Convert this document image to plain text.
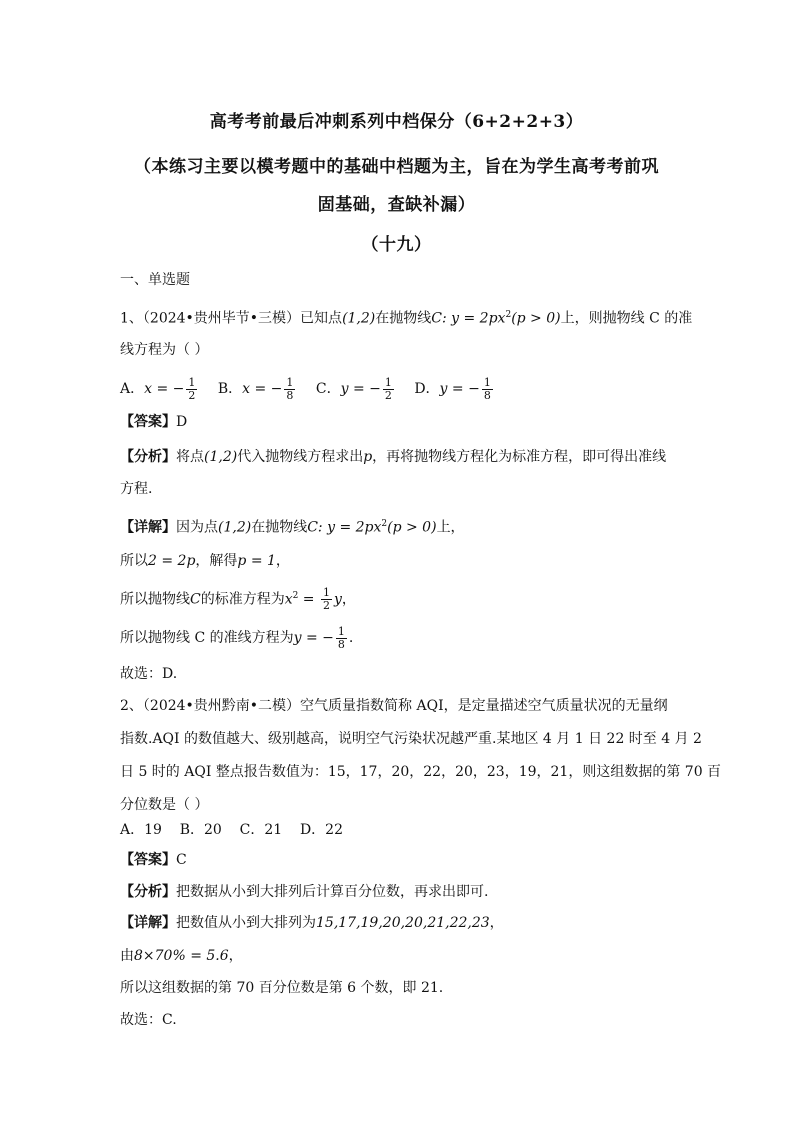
高考考前最后冲刺系列中档保分（6+2+2+3）
（本练习主要以模考题中的基础中档题为主，旨在为学生高考考前巩
固基础，查缺补漏）
（十九）
一、单选题
1、（2024•贵州毕节•三模）已知点(1,2)在抛物线C: $y = 2px^2(p > 0)$上，则抛物线 C 的准
线方程为（ ）
A．x = − $\frac{1}{2}$ B．x = − $\frac{1}{8}$ C．y = − $\frac{1}{2}$ D．y = − $\frac{1}{8}$
【答案】D
【分析】将点(1,2)代入抛物线方程求出p，再将抛物线方程化为标准方程，即可得出准线
方程.
【详解】因为点(1,2)在抛物线C: $y = 2px^2(p > 0)$上，
所以2 = 2p，解得p = 1，
所以抛物线C的标准方程为$x^2 = \frac{1}{2}$ y，
所以抛物线 C 的准线方程为y = − $\frac{1}{8}$ .
故选：D.
2、（2024•贵州黔南•二模）空气质量指数简称 AQI，是定量描述空气质量状况的无量纲
指数.AQI 的数值越大、级别越高，说明空气污染状况越严重.某地区 4 月 1 日 22 时至 4 月 2
日 5 时的 AQI 整点报告数值为：15，17，20，22，20，23，19，21，则这组数据的第 70 百
分位数是（ ）
A．19    B．20    C．21    D．22
【答案】C
【分析】把数据从小到大排列后计算百分位数，再求出即可.
【详解】把数值从小到大排列为15,17,19,20,20,21,22,23，
由8×70% = 5.6，
所以这组数据的第 70 百分位数是第 6 个数，即 21.
故选：C.
